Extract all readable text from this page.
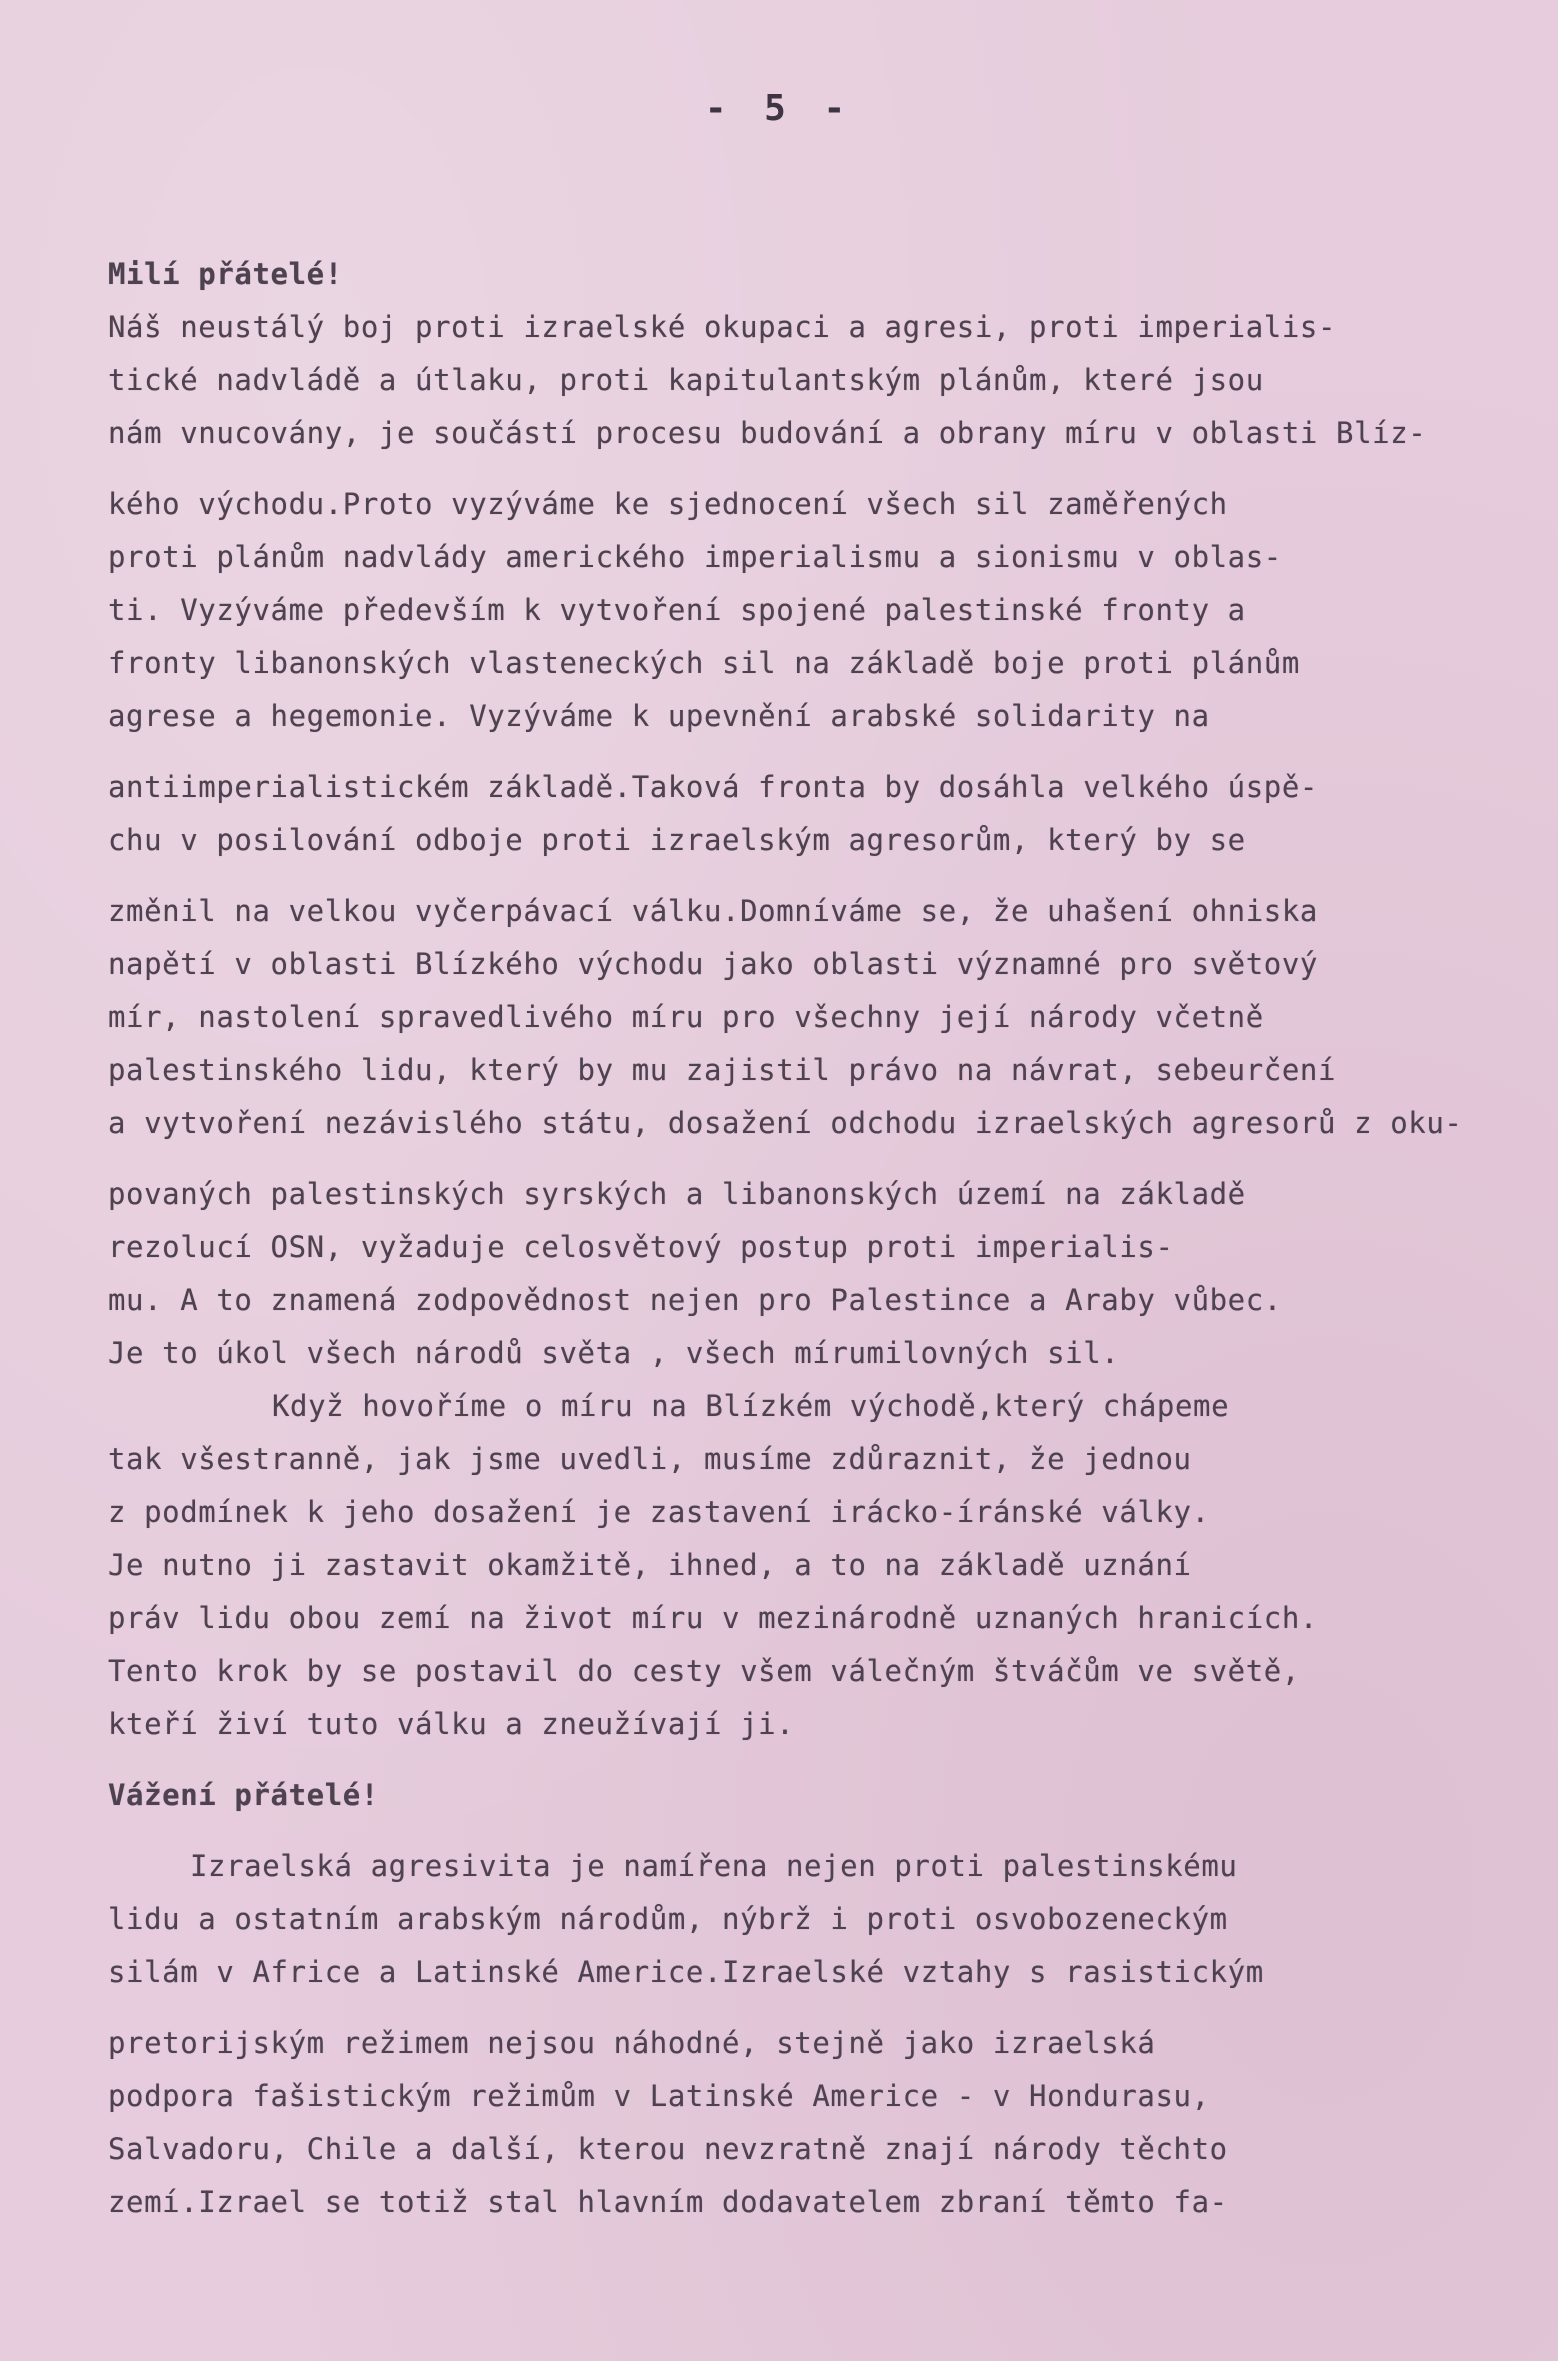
- 5 -
Milí přátelé!
Náš neustálý boj proti izraelské okupaci a agresi, proti imperialis-
tické nadvládě a útlaku, proti kapitulantským plánům, které jsou
nám vnucovány, je součástí procesu budování a obrany míru v oblasti Blíz-
kého východu.Proto vyzýváme ke sjednocení všech sil zaměřených
proti plánům nadvlády amerického imperialismu a sionismu v oblas-
ti. Vyzýváme především k vytvoření spojené palestinské fronty a
fronty libanonských vlasteneckých sil na základě boje proti plánům
agrese a hegemonie. Vyzýváme k upevnění arabské solidarity na
antiimperialistickém základě.Taková fronta by dosáhla velkého úspě-
chu v posilování odboje proti izraelským agresorům, který by se
změnil na velkou vyčerpávací válku.Domníváme se, že uhašení ohniska
napětí v oblasti Blízkého východu jako oblasti významné pro světový
mír, nastolení spravedlivého míru pro všechny její národy včetně
palestinského lidu, který by mu zajistil právo na návrat, sebeurčení
a vytvoření nezávislého státu, dosažení odchodu izraelských agresorů z oku-
povaných palestinských syrských a libanonských území na základě
rezolucí OSN, vyžaduje celosvětový postup proti imperialis-
mu. A to znamená zodpovědnost nejen pro Palestince a Araby vůbec.
Je to úkol všech národů světa , všech mírumilovných sil.
Když hovoříme o míru na Blízkém východě,který chápeme
tak všestranně, jak jsme uvedli, musíme zdůraznit, že jednou
z podmínek k jeho dosažení je zastavení irácko-íránské války.
Je nutno ji zastavit okamžitě, ihned, a to na základě uznání
práv lidu obou zemí na život míru v mezinárodně uznaných hranicích.
Tento krok by se postavil do cesty všem válečným štváčům ve světě,
kteří živí tuto válku a zneužívají ji.
Vážení přátelé!
Izraelská agresivita je namířena nejen proti palestinskému
lidu a ostatním arabským národům, nýbrž i proti osvobozeneckým
silám v Africe a Latinské Americe.Izraelské vztahy s rasistickým
pretorijským režimem nejsou náhodné, stejně jako izraelská
podpora fašistickým režimům v Latinské Americe - v Hondurasu,
Salvadoru, Chile a další, kterou nevzratně znají národy těchto
zemí.Izrael se totiž stal hlavním dodavatelem zbraní těmto fa-
